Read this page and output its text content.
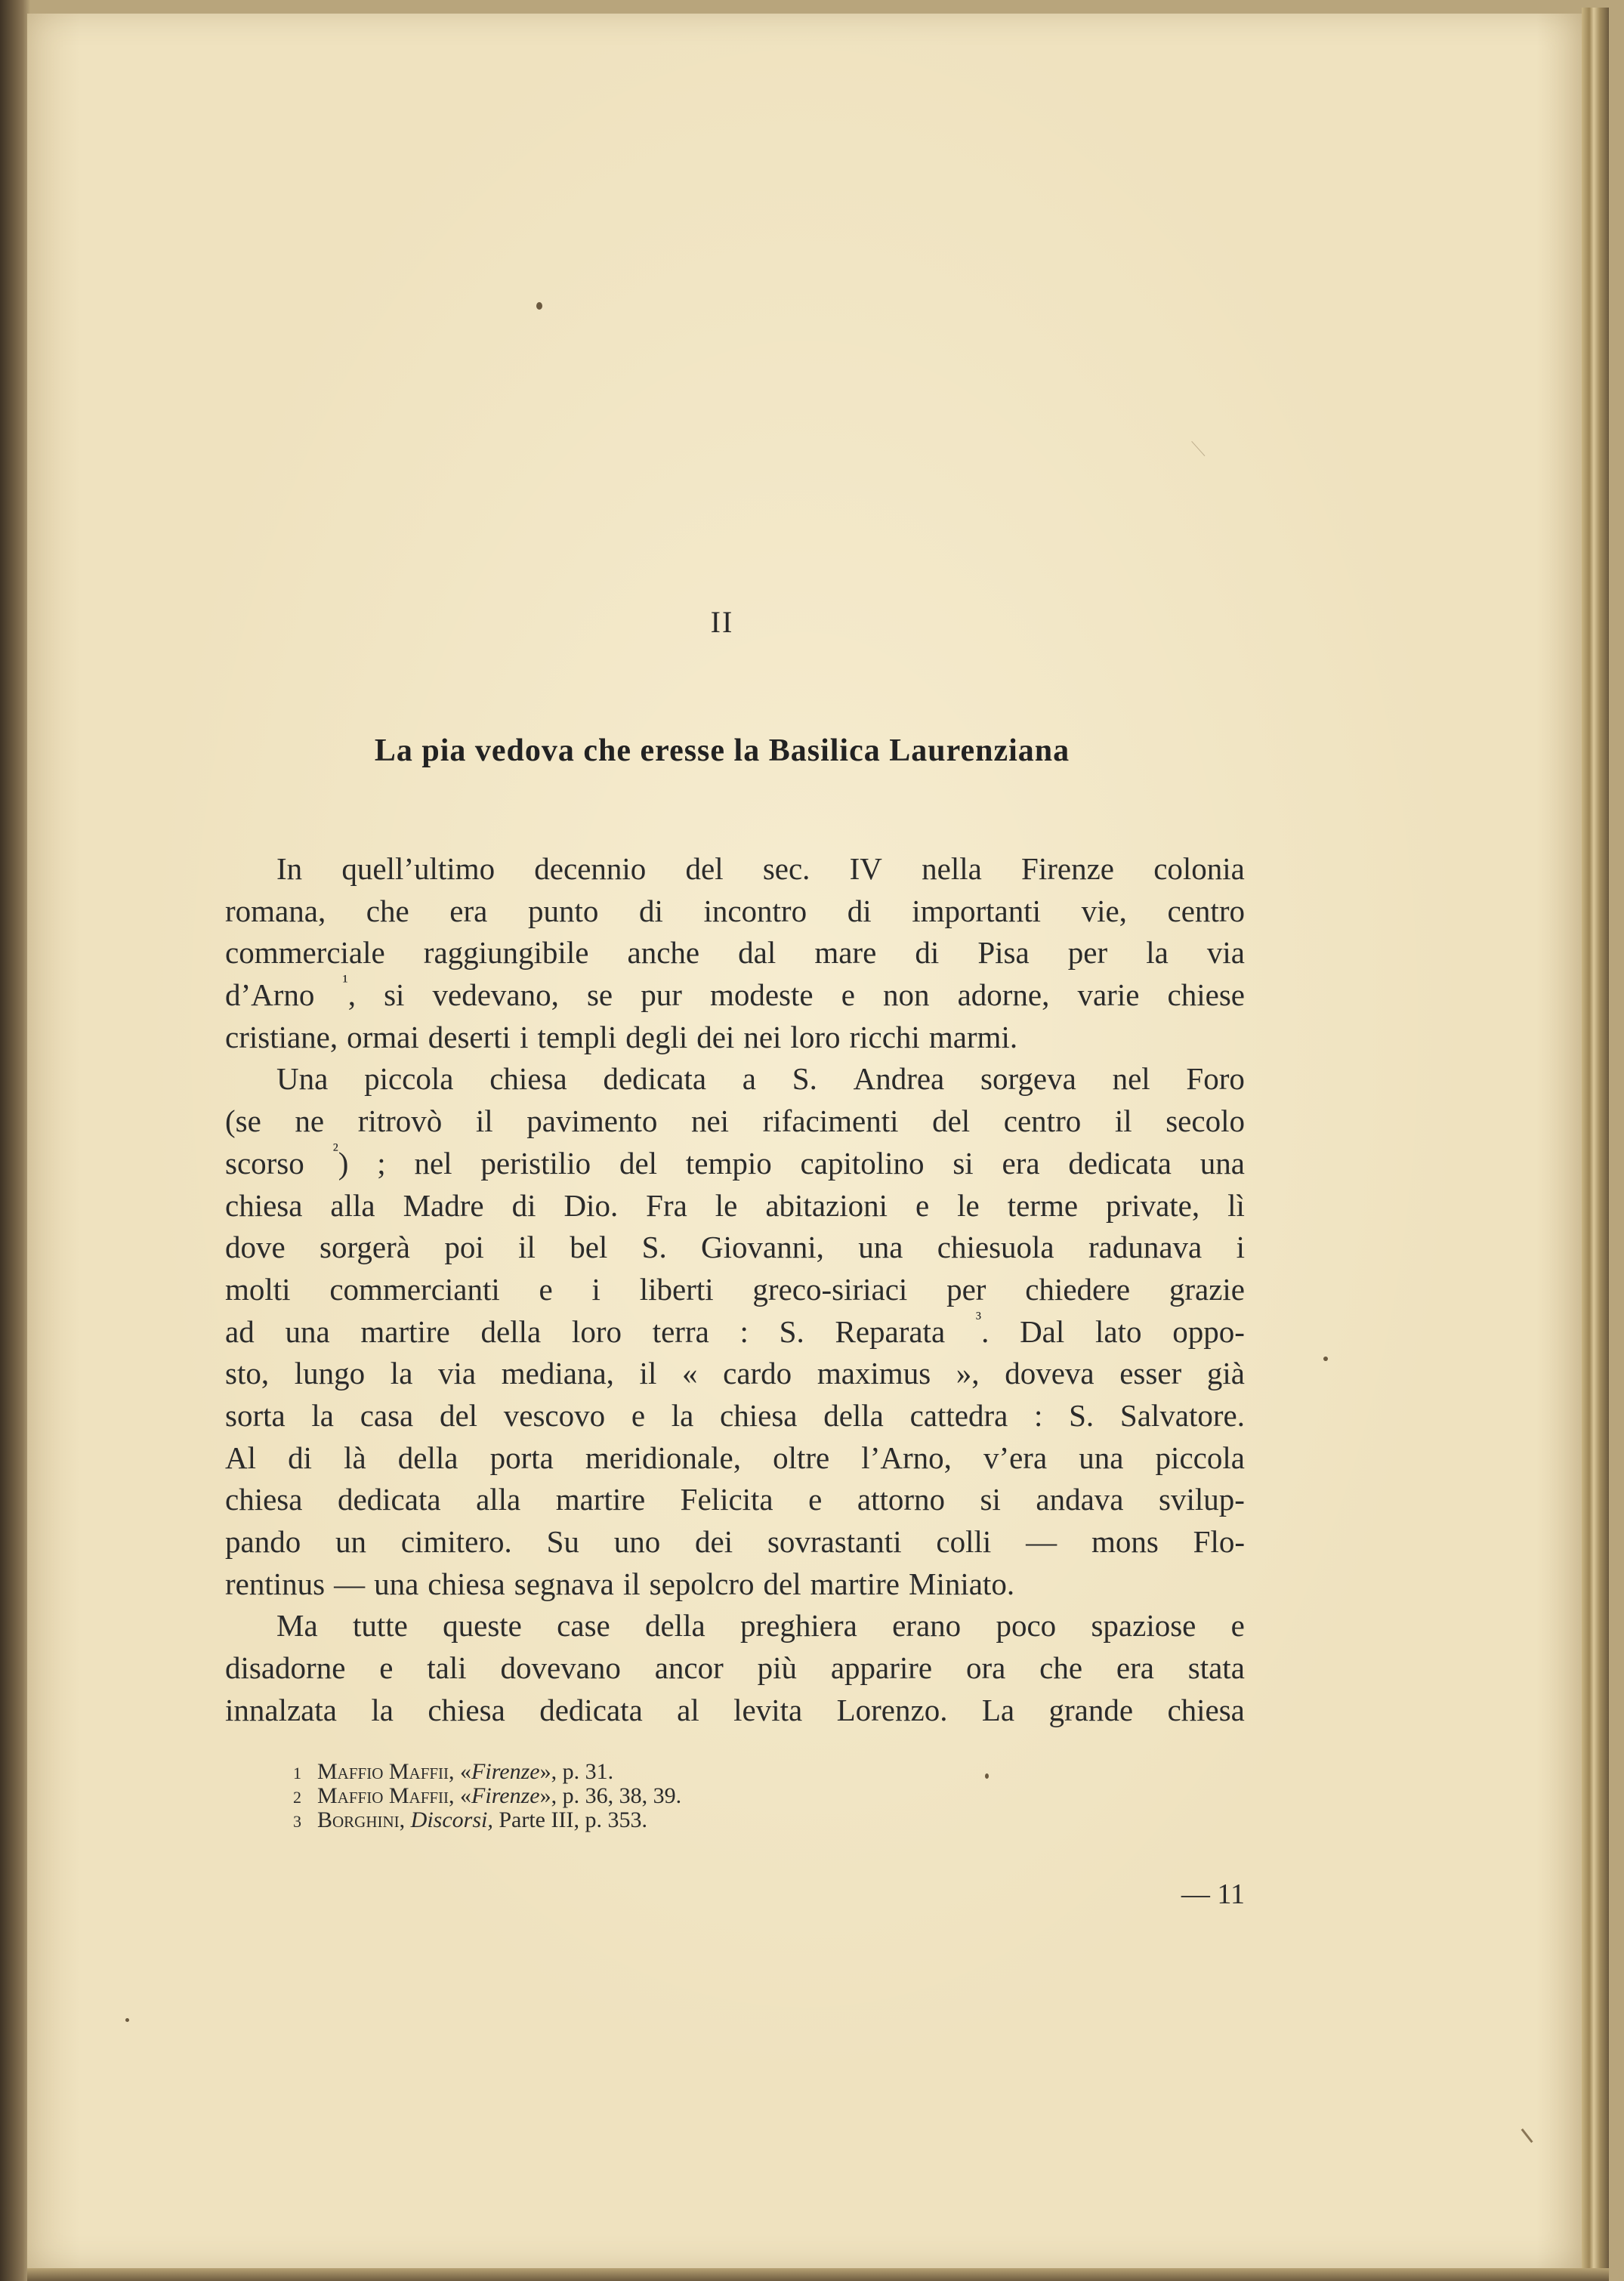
II
La pia vedova che eresse la Basilica Laurenziana
In quell’ultimo decennio del sec. IV nella Firenze colonia
romana, che era punto di incontro di importanti vie, centro
commerciale raggiungibile anche dal mare di Pisa per la via
d’Arno $^{^1}$, si vedevano, se pur modeste e non adorne, varie chiese
cristiane, ormai deserti i templi degli dei nei loro ricchi marmi.
Una piccola chiesa dedicata a S. Andrea sorgeva nel Foro
(se ne ritrovò il pavimento nei rifacimenti del centro il secolo
scorso $^{^2}$) ; nel peristilio del tempio capitolino si era dedicata una
chiesa alla Madre di Dio. Fra le abitazioni e le terme private, lì
dove sorgerà poi il bel S. Giovanni, una chiesuola radunava i
molti commercianti e i liberti greco-siriaci per chiedere grazie
ad una martire della loro terra : S. Reparata $^{^3}$. Dal lato oppo-
sto, lungo la via mediana, il « cardo maximus », doveva esser già
sorta la casa del vescovo e la chiesa della cattedra : S. Salvatore.
Al di là della porta meridionale, oltre l’Arno, v’era una piccola
chiesa dedicata alla martire Felicita e attorno si andava svilup-
pando un cimitero. Su uno dei sovrastanti colli — mons Flo-
rentinus — una chiesa segnava il sepolcro del martire Miniato.
Ma tutte queste case della preghiera erano poco spaziose e
disadorne e tali dovevano ancor più apparire ora che era stata
innalzata la chiesa dedicata al levita Lorenzo. La grande chiesa
1 Maffio Maffii, «Firenze», p. 31.
2 Maffio Maffii, «Firenze», p. 36, 38, 39.
3 Borghini, Discorsi, Parte III, p. 353.
— 11
